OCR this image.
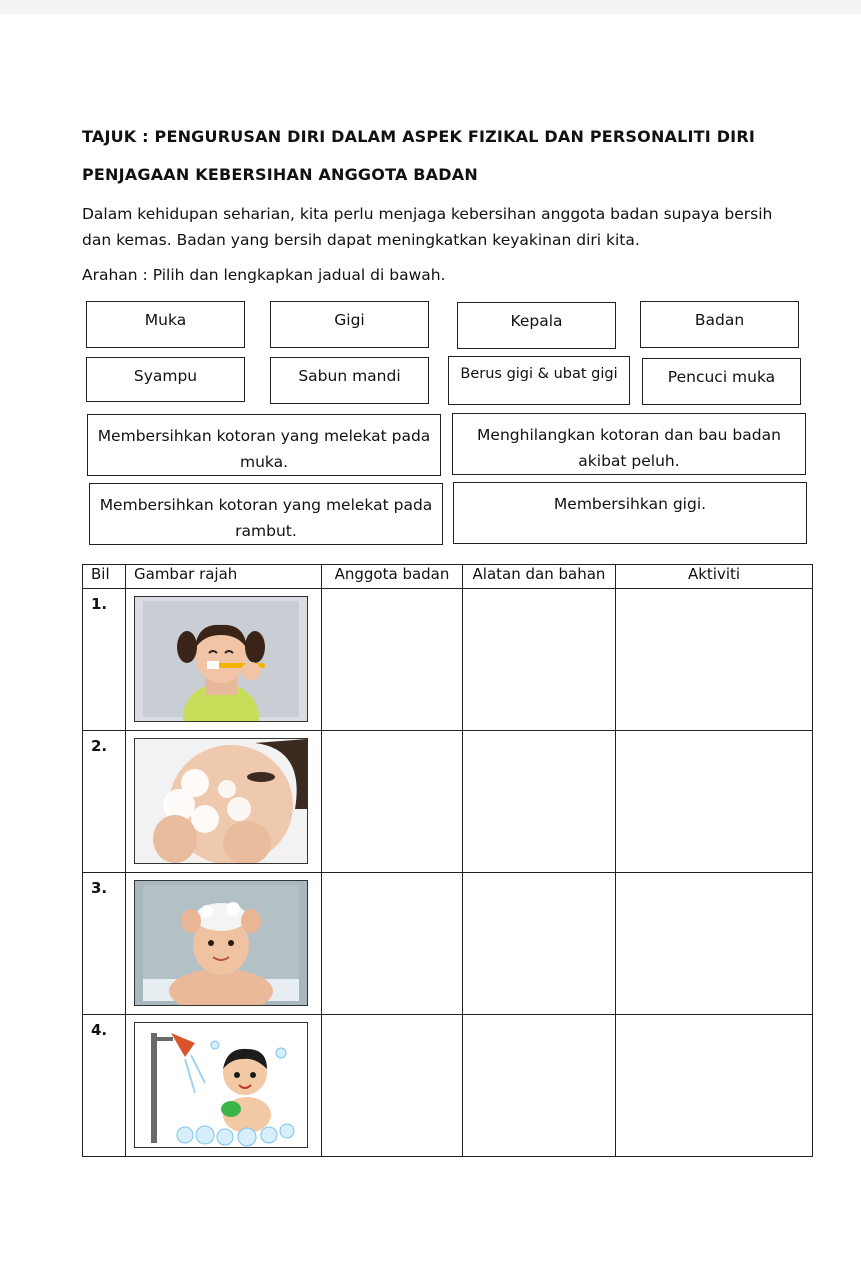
TAJUK : PENGURUSAN DIRI DALAM ASPEK FIZIKAL DAN PERSONALITI DIRI
PENJAGAAN KEBERSIHAN ANGGOTA BADAN
Dalam kehidupan seharian, kita perlu menjaga kebersihan anggota badan supaya bersih
dan kemas. Badan yang bersih dapat meningkatkan keyakinan diri kita.
Arahan : Pilih dan lengkapkan jadual di bawah.
Muka	Gigi	Kepala	Badan
Syampu	Sabun mandi	Berus gigi & ubat gigi	Pencuci muka
Membersihkan kotoran yang melekat pada muka.
Menghilangkan kotoran dan bau badan akibat peluh.
Membersihkan kotoran yang melekat pada rambut.
Membersihkan gigi.
Bil	Gambar rajah	Anggota badan	Alatan dan bahan	Aktiviti

1.

2.

3.

4.
